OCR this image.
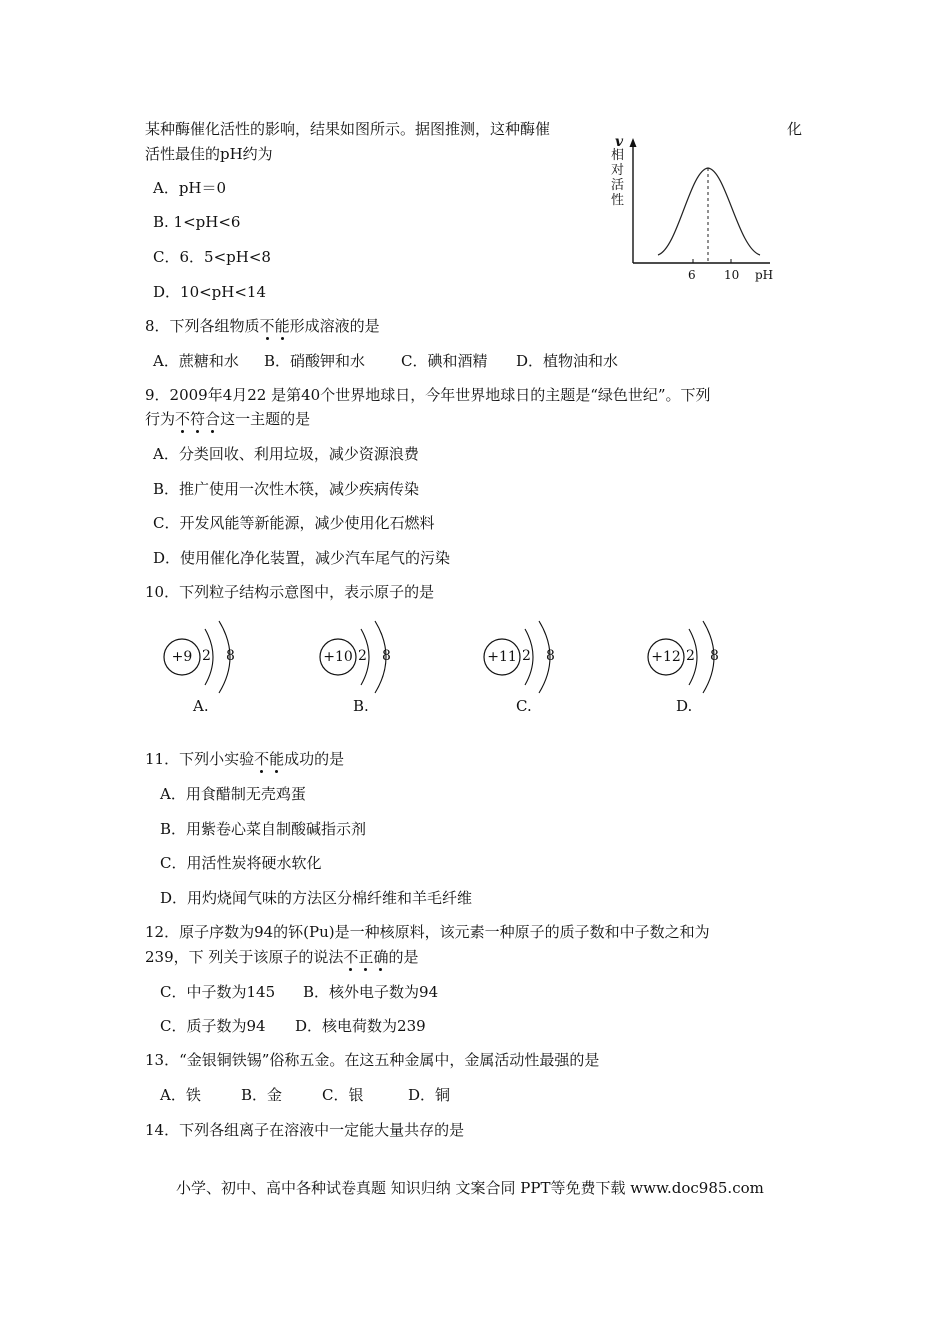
某种酶催化活性的影响，结果如图所示。据图推测，这种酶催	化
活性最佳的pH约为
A．pH＝0
B. 1<pH<6
C．6．5<pH<8
D．10<pH<14
v
相
对
活
性
6 10 pH
8．下列各组物质不能形成溶液的是
A．蔗糖和水 B．硝酸钾和水 C．碘和酒精 D．植物油和水
9．2009年4月22 是第40个世界地球日，今年世界地球日的主题是“绿色世纪”。下列
行为不符合这一主题的是
A．分类回收、利用垃圾，减少资源浪费
B．推广使用一次性木筷，减少疾病传染
C．开发风能等新能源，减少使用化石燃料
D．使用催化净化装置，减少汽车尾气的污染
10．下列粒子结构示意图中，表示原子的是
+9 2 8
A.
+10 2 8
B.
+11 2 8
C.
+12 2 8
D.
11．下列小实验不能成功的是
A．用食醋制无壳鸡蛋
B．用紫卷心菜自制酸碱指示剂
C．用活性炭将硬水软化
D．用灼烧闻气味的方法区分棉纤维和羊毛纤维
12．原子序数为94的钚(Pu)是一种核原料，该元素一种原子的质子数和中子数之和为
239，下 列关于该原子的说法不正确的是
C．中子数为145 B．核外电子数为94
C．质子数为94 D．核电荷数为239
13．“金银铜铁锡”俗称五金。在这五种金属中，金属活动性最强的是
A．铁	B．金	C．银	D．铜
14．下列各组离子在溶液中一定能大量共存的是
小学、初中、高中各种试卷真题 知识归纳 文案合同 PPT等免费下载 www.doc985.com
